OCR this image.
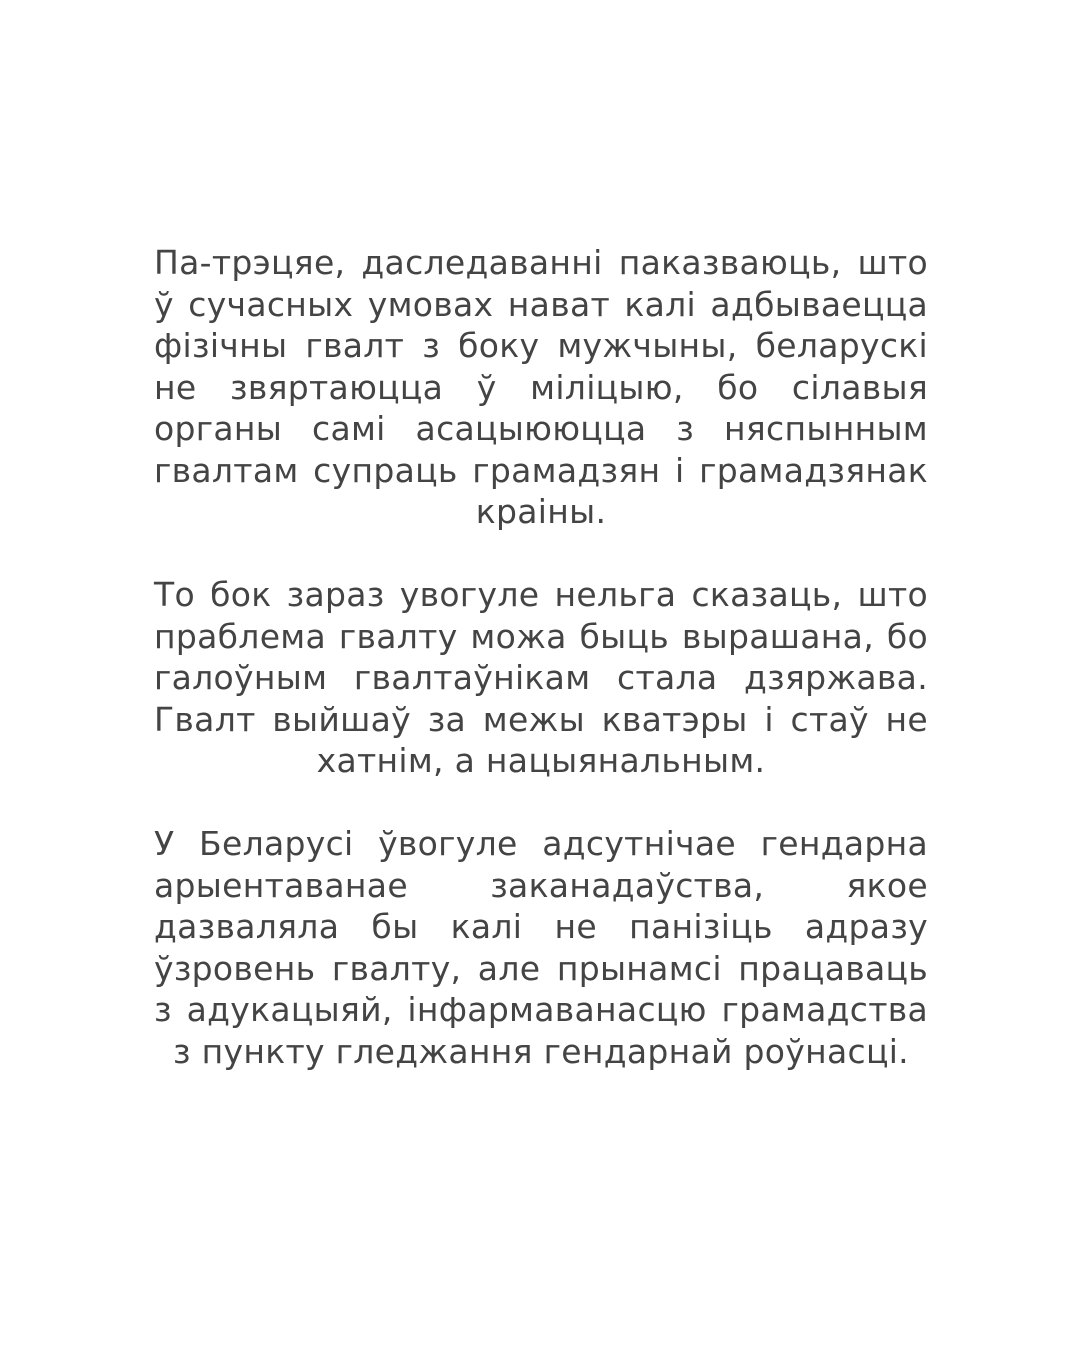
Па-трэцяе, даследаванні паказваюць, што ў сучасных умовах нават калі адбываецца фізічны гвалт з боку мужчыны, беларускі не звяртаюцца ў міліцыю, бо сілавыя органы самі асацыююцца з няспынным гвалтам супраць грамадзян і грамадзянак краіны.

То бок зараз увогуле нельга сказаць, што праблема гвалту можа быць вырашана, бо галоўным гвалтаўнікам стала дзяржава. Гвалт выйшаў за межы кватэры і стаў не хатнім, а нацыянальным.

У Беларусі ўвогуле адсутнічае гендарна арыентаванае заканадаўства, якое дазваляла бы калі не панізіць адразу ўзровень гвалту, але прынамсі працаваць з адукацыяй, інфармаванасцю грамадства з пункту гледжання гендарнай роўнасці.
